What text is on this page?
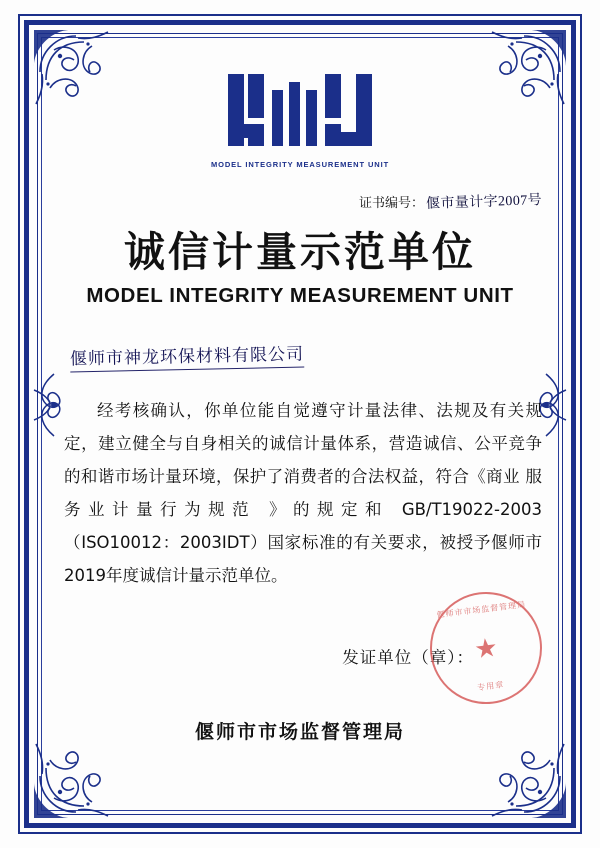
MODEL INTEGRITY MEASUREMENT UNIT
证书编号： 偃市量计字2007号
诚信计量示范单位
MODEL INTEGRITY MEASUREMENT UNIT
偃师市神龙环保材料有限公司

经考核确认，你单位能自觉遵守计量法律、法规及有关规定，建立健全与自身相关的诚信计量体系，营造诚信、公平竞争的和谐市场计量环境，保护了消费者的合法权益，符合《商业 服务业计量行为规范 》的规定和 GB/T19022-2003（ISO10012：2003IDT）国家标准的有关要求，被授予偃师市2019年度诚信计量示范单位。

发证单位（章）：
偃师市市场监督管理局
偃师市市场监督管理局
★
专用章
